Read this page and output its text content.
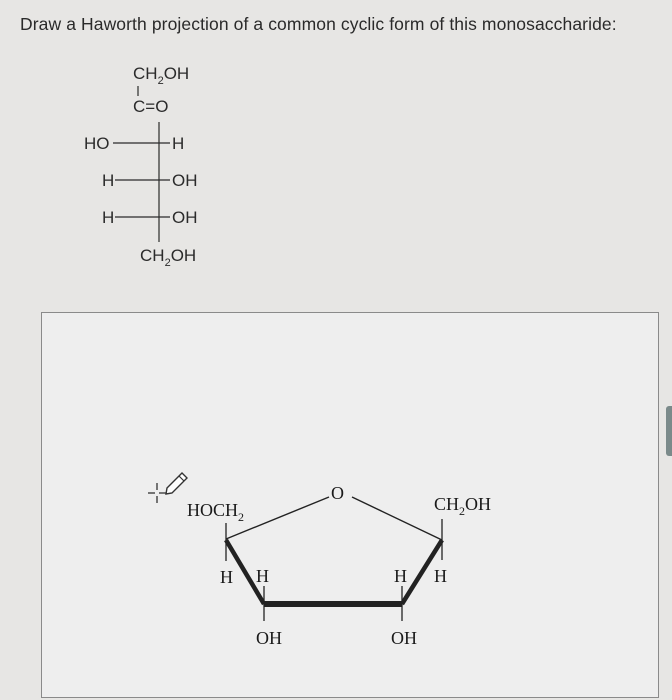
Draw a Haworth projection of a common cyclic form of this monosaccharide:
$CH_2OH$
C=O
HO	H
H	OH
H	OH
$CH_2OH$
O
$HOCH_2$
H
$CH_2OH$
H
H
OH
H
OH
